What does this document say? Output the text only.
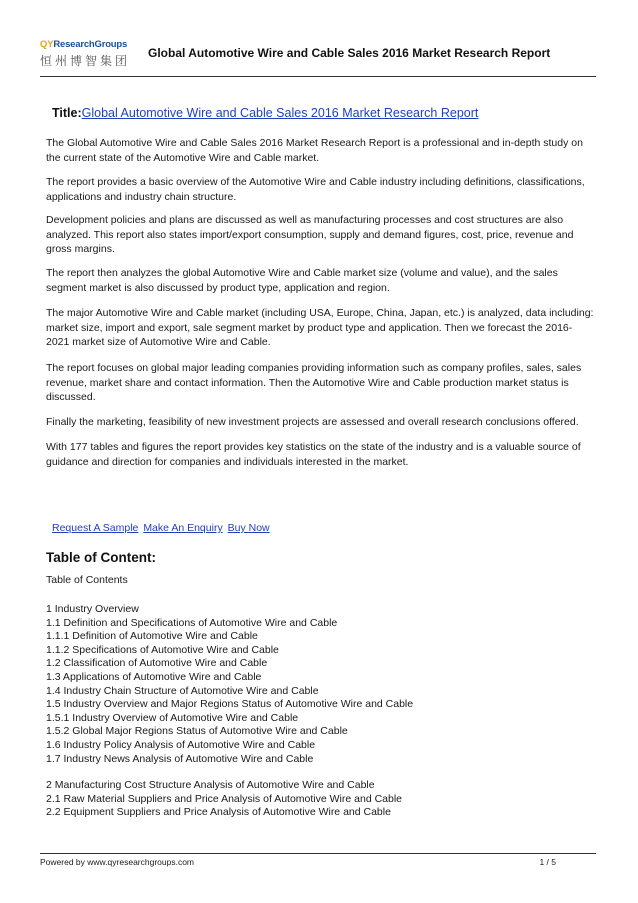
QYResearchGroups
恒州博智集团
Global Automotive Wire and Cable Sales 2016 Market Research Report
Title:Global Automotive Wire and Cable Sales 2016 Market Research Report

The Global Automotive Wire and Cable Sales 2016 Market Research Report is a professional and in-depth study on the current state of the Automotive Wire and Cable market.

The report provides a basic overview of the Automotive Wire and Cable industry including definitions, classifications, applications and industry chain structure.

Development policies and plans are discussed as well as manufacturing processes and cost structures are also analyzed. This report also states import/export consumption, supply and demand figures, cost, price, revenue and gross margins.

The report then analyzes the global Automotive Wire and Cable market size (volume and value), and the sales segment market is also discussed by product type, application and region.

The major Automotive Wire and Cable market (including USA, Europe, China, Japan, etc.) is analyzed, data including: market size, import and export, sale segment market by product type and application. Then we forecast the 2016-2021 market size of Automotive Wire and Cable.

The report focuses on global major leading companies providing information such as company profiles, sales, sales revenue, market share and contact information. Then the Automotive Wire and Cable production market status is discussed.

Finally the marketing, feasibility of new investment projects are assessed and overall research conclusions offered.

With 177 tables and figures the report provides key statistics on the state of the industry and is a valuable source of guidance and direction for companies and individuals interested in the market.

Request A Sample Make An Enquiry Buy Now
Table of Content:
Table of Contents
1 Industry Overview
1.1 Definition and Specifications of Automotive Wire and Cable
1.1.1 Definition of Automotive Wire and Cable
1.1.2 Specifications of Automotive Wire and Cable
1.2 Classification of Automotive Wire and Cable
1.3 Applications of Automotive Wire and Cable
1.4 Industry Chain Structure of Automotive Wire and Cable
1.5 Industry Overview and Major Regions Status of Automotive Wire and Cable
1.5.1 Industry Overview of Automotive Wire and Cable
1.5.2 Global Major Regions Status of Automotive Wire and Cable
1.6 Industry Policy Analysis of Automotive Wire and Cable
1.7 Industry News Analysis of Automotive Wire and Cable
2 Manufacturing Cost Structure Analysis of Automotive Wire and Cable
2.1 Raw Material Suppliers and Price Analysis of Automotive Wire and Cable
2.2 Equipment Suppliers and Price Analysis of Automotive Wire and Cable
Powered by www.qyresearchgroups.com	1 / 5
